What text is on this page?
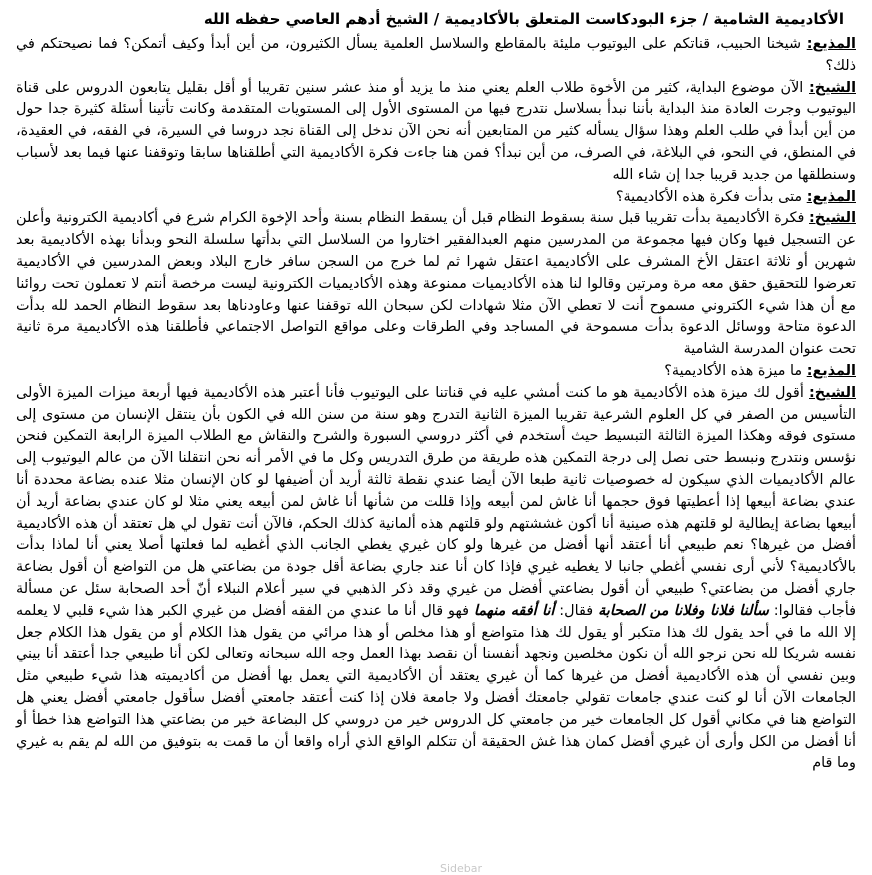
الأكاديمية الشامية / جزء البودكاست المتعلق بالأكاديمية / الشيخ أدهم العاصي حفظه الله

المذيع: شيخنا الحبيب، قناتكم على اليوتيوب مليئة بالمقاطع والسلاسل العلمية يسأل الكثيرون، من أين أبدأ وكيف أتمكن؟ فما نصيحتكم في ذلك؟

الشيخ: الآن موضوع البداية، كثير من الأخوة طلاب العلم يعني منذ ما يزيد أو منذ عشر سنين تقريبا أو أقل بقليل يتابعون الدروس على قناة اليوتيوب وجرت العادة منذ البداية بأننا نبدأ بسلاسل نتدرج فيها من المستوى الأول إلى المستويات المتقدمة وكانت تأتينا أسئلة كثيرة جدا حول من أين أبدأ في طلب العلم وهذا سؤال يسأله كثير من المتابعين أنه نحن الآن ندخل إلى القناة نجد دروسا في السيرة، في الفقه، في العقيدة، في المنطق، في النحو، في البلاغة، في الصرف، من أين نبدأ؟ فمن هنا جاءت فكرة الأكاديمية التي أطلقناها سابقا وتوقفنا عنها فيما بعد لأسباب وسنطلقها من جديد قريبا جدا إن شاء الله

المذيع: متى بدأت فكرة هذه الأكاديمية؟

الشيخ: فكرة الأكاديمية بدأت تقريبا قبل سنة بسقوط النظام قبل أن يسقط النظام بسنة وأحد الإخوة الكرام شرع في أكاديمية الكترونية وأعلن عن التسجيل فيها وكان فيها مجموعة من المدرسين منهم العبدالفقير اختاروا من السلاسل التي بدأتها سلسلة النحو وبدأنا بهذه الأكاديمية بعد شهرين أو ثلاثة اعتقل الأخ المشرف على الأكاديمية اعتقل شهرا ثم لما خرج من السجن سافر خارج البلاد وبعض المدرسين في الأكاديمية تعرضوا للتحقيق حقق معه مرة ومرتين وقالوا لنا هذه الأكاديميات ممنوعة وهذه الأكاديميات الكترونية ليست مرخصة أنتم لا تعملون تحت روائنا مع أن هذا شيء الكتروني مسموح أنت لا تعطي الآن مثلا شهادات لكن سبحان الله توقفنا عنها وعاودناها بعد سقوط النظام الحمد لله بدأت الدعوة متاحة ووسائل الدعوة بدأت مسموحة في المساجد وفي الطرقات وعلى مواقع التواصل الاجتماعي فأطلقنا هذه الأكاديمية مرة ثانية تحت عنوان المدرسة الشامية

المذيع: ما ميزة هذه الأكاديمية؟

الشيخ: أقول لك ميزة هذه الأكاديمية هو ما كنت أمشي عليه في قناتنا على اليوتيوب فأنا أعتبر هذه الأكاديمية فيها أربعة ميزات الميزة الأولى التأسيس من الصفر في كل العلوم الشرعية تقريبا الميزة الثانية التدرج وهو سنة من سنن الله في الكون بأن ينتقل الإنسان من مستوى إلى مستوى فوقه وهكذا الميزة الثالثة التبسيط حيث أستخدم في أكثر دروسي السبورة والشرح والنقاش مع الطلاب الميزة الرابعة التمكين فنحن نؤسس ونتدرج ونبسط حتى نصل إلى درجة التمكين هذه طريقة من طرق التدريس وكل ما في الأمر أنه نحن انتقلنا الآن من عالم اليوتيوب إلى عالم الأكاديميات الذي سيكون له خصوصيات ثانية طبعا الآن أيضا عندي نقطة ثالثة أريد أن أضيفها لو كان الإنسان مثلا عنده بضاعة محددة أنا عندي بضاعة أبيعها إذا أعطيتها فوق حجمها أنا غاش لمن أبيعه وإذا قللت من شأنها أنا غاش لمن أبيعه يعني مثلا لو كان عندي بضاعة أريد أن أبيعها بضاعة إيطالية لو قلتهم هذه صينية أنا أكون غششتهم ولو قلتهم هذه ألمانية كذلك الحكم، فالآن أنت تقول لي هل تعتقد أن هذه الأكاديمية أفضل من غيرها؟ نعم طبيعي أنا أعتقد أنها أفضل من غيرها ولو كان غيري يغطي الجانب الذي أغطيه لما فعلتها أصلا يعني أنا لماذا بدأت بالأكاديمية؟ لأني أرى نفسي أغطي جانبا لا يغطيه غيري فإذا كان أنا عند جاري بضاعة أقل جودة من بضاعتي هل من التواضع أن أقول بضاعة جاري أفضل من بضاعتي؟ طبيعي أن أقول بضاعتي أفضل من غيري وقد ذكر الذهبي في سير أعلام النبلاء أنّ أحد الصحابة سئل عن مسألة فأجاب فقالوا: سألنا فلانا وفلانا من الصحابة فقال: أنا أفقه منهما فهو قال أنا ما عندي من الفقه أفضل من غيري الكبر هذا شيء قلبي لا يعلمه إلا الله ما في أحد يقول لك هذا متكبر أو يقول لك هذا متواضع أو هذا مخلص أو هذا مرائي من يقول هذا الكلام أو من يقول هذا الكلام جعل نفسه شريكا لله نحن نرجو الله أن نكون مخلصين ونجهد أنفسنا أن نقصد بهذا العمل وجه الله سبحانه وتعالى لكن أنا طبيعي جدا أعتقد أنا بيني وبين نفسي أن هذه الأكاديمية أفضل من غيرها كما أن غيري يعتقد أن الأكاديمية التي يعمل بها أفضل من أكاديميته هذا شيء طبيعي مثل الجامعات الآن أنا لو كنت عندي جامعات تقولي جامعتك أفضل ولا جامعة فلان إذا كنت أعتقد جامعتي أفضل سأقول جامعتي أفضل يعني هل التواضع هنا في مكاني أقول كل الجامعات خير من جامعتي كل الدروس خير من دروسي كل البضاعة خير من بضاعتي هذا التواضع هذا خطأ أو أنا أفضل من الكل وأرى أن غيري أفضل كمان هذا غش الحقيقة أن تتكلم الواقع الذي أراه واقعا أن ما قمت به بتوفيق من الله لم يقم به غيري وما قام

Sidebar
